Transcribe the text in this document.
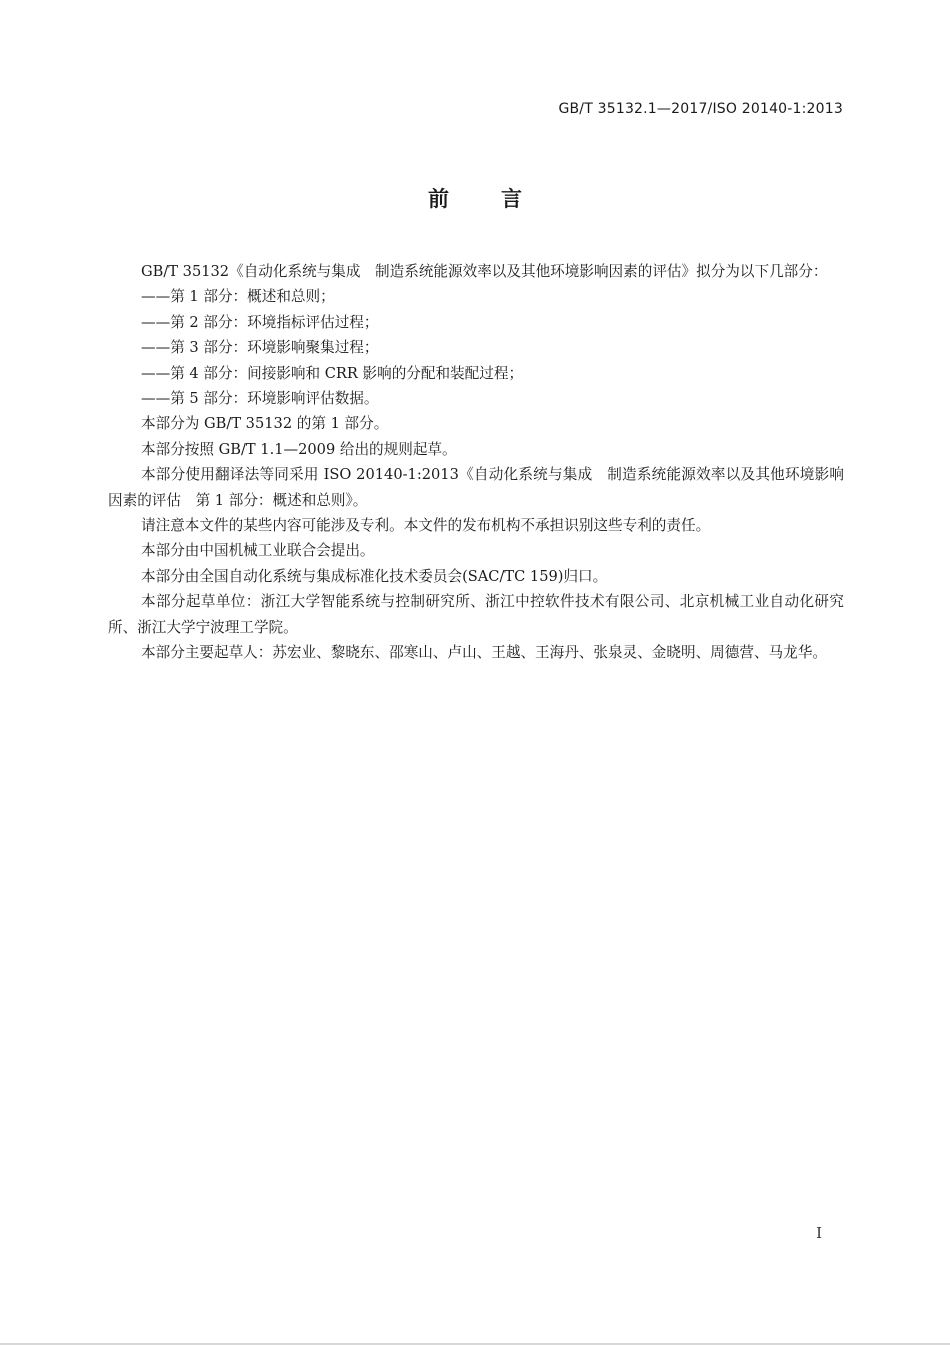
GB/T 35132.1—2017/ISO 20140-1:2013
前言

GB/T 35132《自动化系统与集成　制造系统能源效率以及其他环境影响因素的评估》拟分为以下几部分：

——第 1 部分：概述和总则；

——第 2 部分：环境指标评估过程；

——第 3 部分：环境影响聚集过程；

——第 4 部分：间接影响和 CRR 影响的分配和装配过程；

——第 5 部分：环境影响评估数据。

本部分为 GB/T 35132 的第 1 部分。

本部分按照 GB/T 1.1—2009 给出的规则起草。

本部分使用翻译法等同采用 ISO 20140-1:2013《自动化系统与集成　制造系统能源效率以及其他环境影响因素的评估　第 1 部分：概述和总则》。

请注意本文件的某些内容可能涉及专利。本文件的发布机构不承担识别这些专利的责任。

本部分由中国机械工业联合会提出。

本部分由全国自动化系统与集成标准化技术委员会(SAC/TC 159)归口。

本部分起草单位：浙江大学智能系统与控制研究所、浙江中控软件技术有限公司、北京机械工业自动化研究所、浙江大学宁波理工学院。

本部分主要起草人：苏宏业、黎晓东、邵寒山、卢山、王越、王海丹、张泉灵、金晓明、周德营、马龙华。

I
